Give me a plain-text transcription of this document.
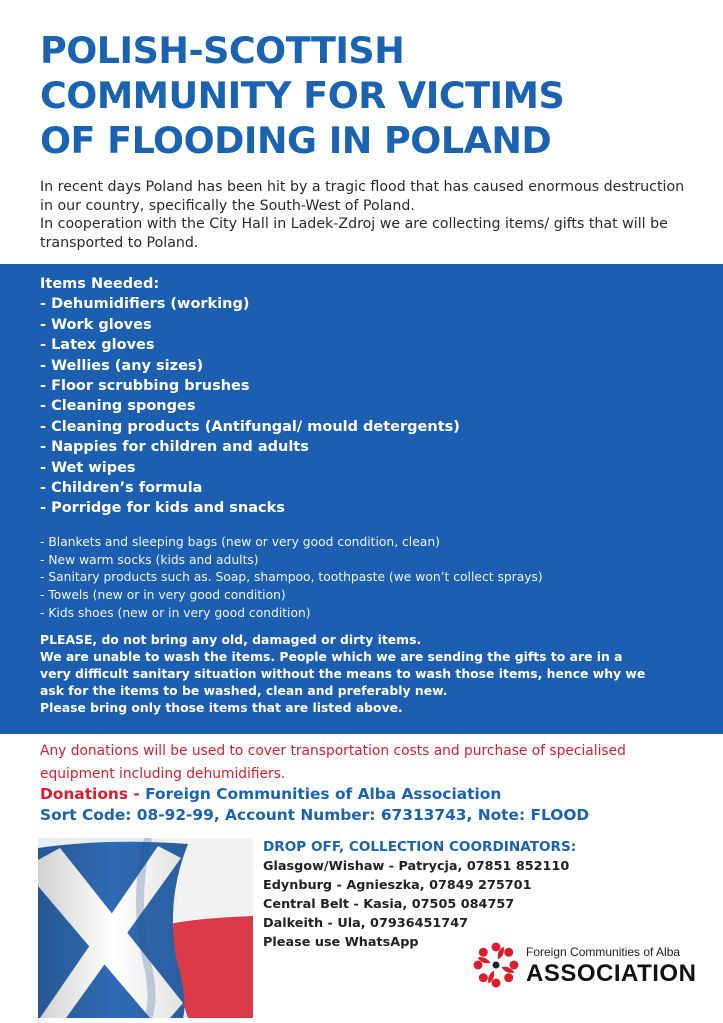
POLISH-SCOTTISH
COMMUNITY FOR VICTIMS
OF FLOODING IN POLAND

In recent days Poland has been hit by a tragic flood that has caused enormous destruction in our country, specifically the South-West of Poland.

In cooperation with the City Hall in Ladek-Zdroj we are collecting items/ gifts that will be transported to Poland.

Items Needed:
- Dehumidifiers (working)
- Work gloves
- Latex gloves
- Wellies (any sizes)
- Floor scrubbing brushes
- Cleaning sponges
- Cleaning products (Antifungal/ mould detergents)
- Nappies for children and adults
- Wet wipes
- Children’s formula
- Porridge for kids and snacks
- Blankets and sleeping bags (new or very good condition, clean)
- New warm socks (kids and adults)
- Sanitary products such as. Soap, shampoo, toothpaste (we won’t collect sprays)
- Towels (new or in very good condition)
- Kids shoes (new or in very good condition)
PLEASE, do not bring any old, damaged or dirty items.
We are unable to wash the items. People which we are sending the gifts to are in a
very difficult sanitary situation without the means to wash those items, hence why we
ask for the items to be washed, clean and preferably new.
Please bring only those items that are listed above.
Any donations will be used to cover transportation costs and purchase of specialised equipment including dehumidifiers.
Donations - Foreign Communities of Alba Association
Sort Code: 08-92-99, Account Number: 67313743, Note: FLOOD
DROP OFF, COLLECTION COORDINATORS:
Glasgow/Wishaw - Patrycja, 07851 852110
Edynburg - Agnieszka, 07849 275701
Central Belt - Kasia, 07505 084757
Dalkeith - Ula, 07936451747
Please use WhatsApp
Foreign Communities of Alba
ASSOCIATION
